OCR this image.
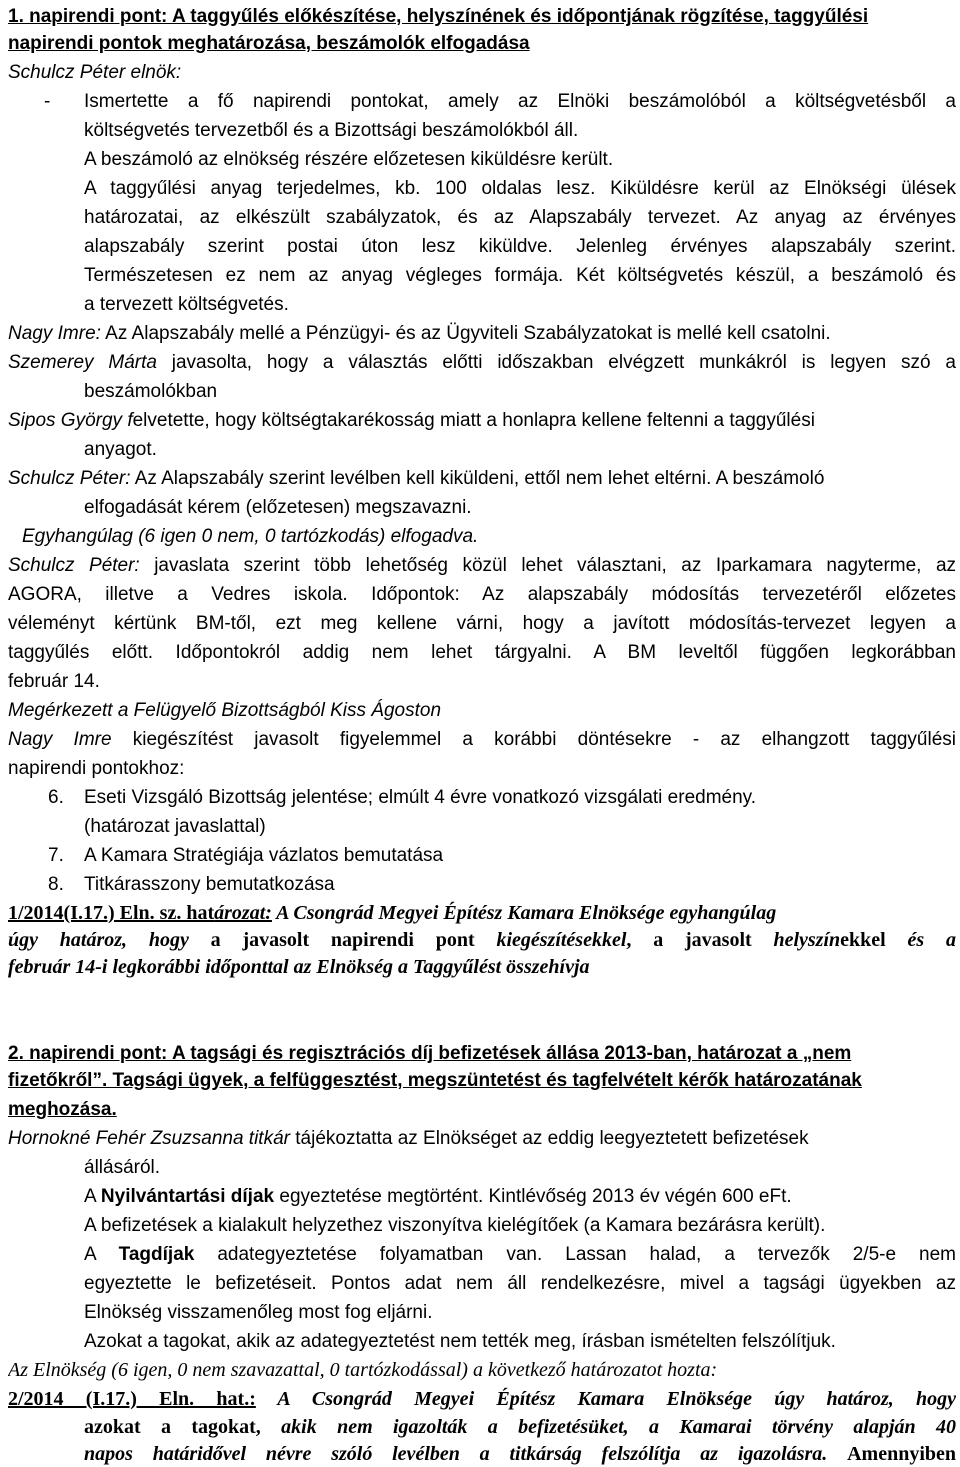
1. napirendi pont: A taggyűlés előkészítése, helyszínének és időpontjának rögzítése, taggyűlési
napirendi pontok meghatározása, beszámolók elfogadása
Schulcz Péter elnök:
- Ismertette a fő napirendi pontokat, amely az Elnöki beszámolóból a költségvetésből a
költségvetés tervezetből és a Bizottsági beszámolókból áll.
A beszámoló az elnökség részére előzetesen kiküldésre került.
A taggyűlési anyag terjedelmes, kb. 100 oldalas lesz. Kiküldésre kerül az Elnökségi ülések
határozatai, az elkészült szabályzatok, és az Alapszabály tervezet. Az anyag az érvényes
alapszabály szerint postai úton lesz kiküldve. Jelenleg érvényes alapszabály szerint.
Természetesen ez nem az anyag végleges formája. Két költségvetés készül, a beszámoló és
a tervezett költségvetés.
Nagy Imre: Az Alapszabály mellé a Pénzügyi- és az Ügyviteli Szabályzatokat is mellé kell csatolni.
Szemerey Márta javasolta, hogy a választás előtti időszakban elvégzett munkákról is legyen szó a
beszámolókban
Sipos György felvetette, hogy költségtakarékosság miatt a honlapra kellene feltenni a taggyűlési
anyagot.
Schulcz Péter: Az Alapszabály szerint levélben kell kiküldeni, ettől nem lehet eltérni. A beszámoló
elfogadását kérem (előzetesen) megszavazni.
Egyhangúlag (6 igen 0 nem, 0 tartózkodás) elfogadva.
Schulcz Péter: javaslata szerint több lehetőség közül lehet választani, az Iparkamara nagyterme, az
AGORA, illetve a Vedres iskola. Időpontok: Az alapszabály módosítás tervezetéről előzetes
véleményt kértünk BM-től, ezt meg kellene várni, hogy a javított módosítás-tervezet legyen a
taggyűlés előtt. Időpontokról addig nem lehet tárgyalni. A BM leveltől függően legkorábban
február 14.
Megérkezett a Felügyelő Bizottságból Kiss Ágoston
Nagy Imre kiegészítést javasolt figyelemmel a korábbi döntésekre - az elhangzott taggyűlési
napirendi pontokhoz:
6. Eseti Vizsgáló Bizottság jelentése; elmúlt 4 évre vonatkozó vizsgálati eredmény.
(határozat javaslattal)
7. A Kamara Stratégiája vázlatos bemutatása
8. Titkárasszony bemutatkozása
1/2014(I.17.) Eln. sz. határozat: A Csongrád Megyei Építész Kamara Elnöksége egyhangúlag
úgy határoz, hogy a javasolt napirendi pont kiegészítésekkel, a javasolt helyszínekkel és a
február 14-i legkorábbi időponttal az Elnökség a Taggyűlést összehívja
2. napirendi pont: A tagsági és regisztrációs díj befizetések állása 2013-ban, határozat a „nem
fizetőkről”. Tagsági ügyek, a felfüggesztést, megszüntetést és tagfelvételt kérők határozatának
meghozása.
Hornokné Fehér Zsuzsanna titkár tájékoztatta az Elnökséget az eddig leegyeztetett befizetések
állásáról.
A Nyilvántartási díjak egyeztetése megtörtént. Kintlévőség 2013 év végén 600 eFt.
A befizetések a kialakult helyzethez viszonyítva kielégítőek (a Kamara bezárásra került).
A Tagdíjak adategyeztetése folyamatban van. Lassan halad, a tervezők 2/5-e nem
egyeztette le befizetéseit. Pontos adat nem áll rendelkezésre, mivel a tagsági ügyekben az
Elnökség visszamenőleg most fog eljárni.
Azokat a tagokat, akik az adategyeztetést nem tették meg, írásban ismételten felszólítjuk.
Az Elnökség (6 igen, 0 nem szavazattal, 0 tartózkodással) a következő határozatot hozta:
2/2014 (I.17.) Eln. hat.: A Csongrád Megyei Építész Kamara Elnöksége úgy határoz, hogy
azokat a tagokat, akik nem igazolták a befizetésüket, a Kamarai törvény alapján 40
napos határidővel névre szóló levélben a titkárság felszólítja az igazolásra. Amennyiben
